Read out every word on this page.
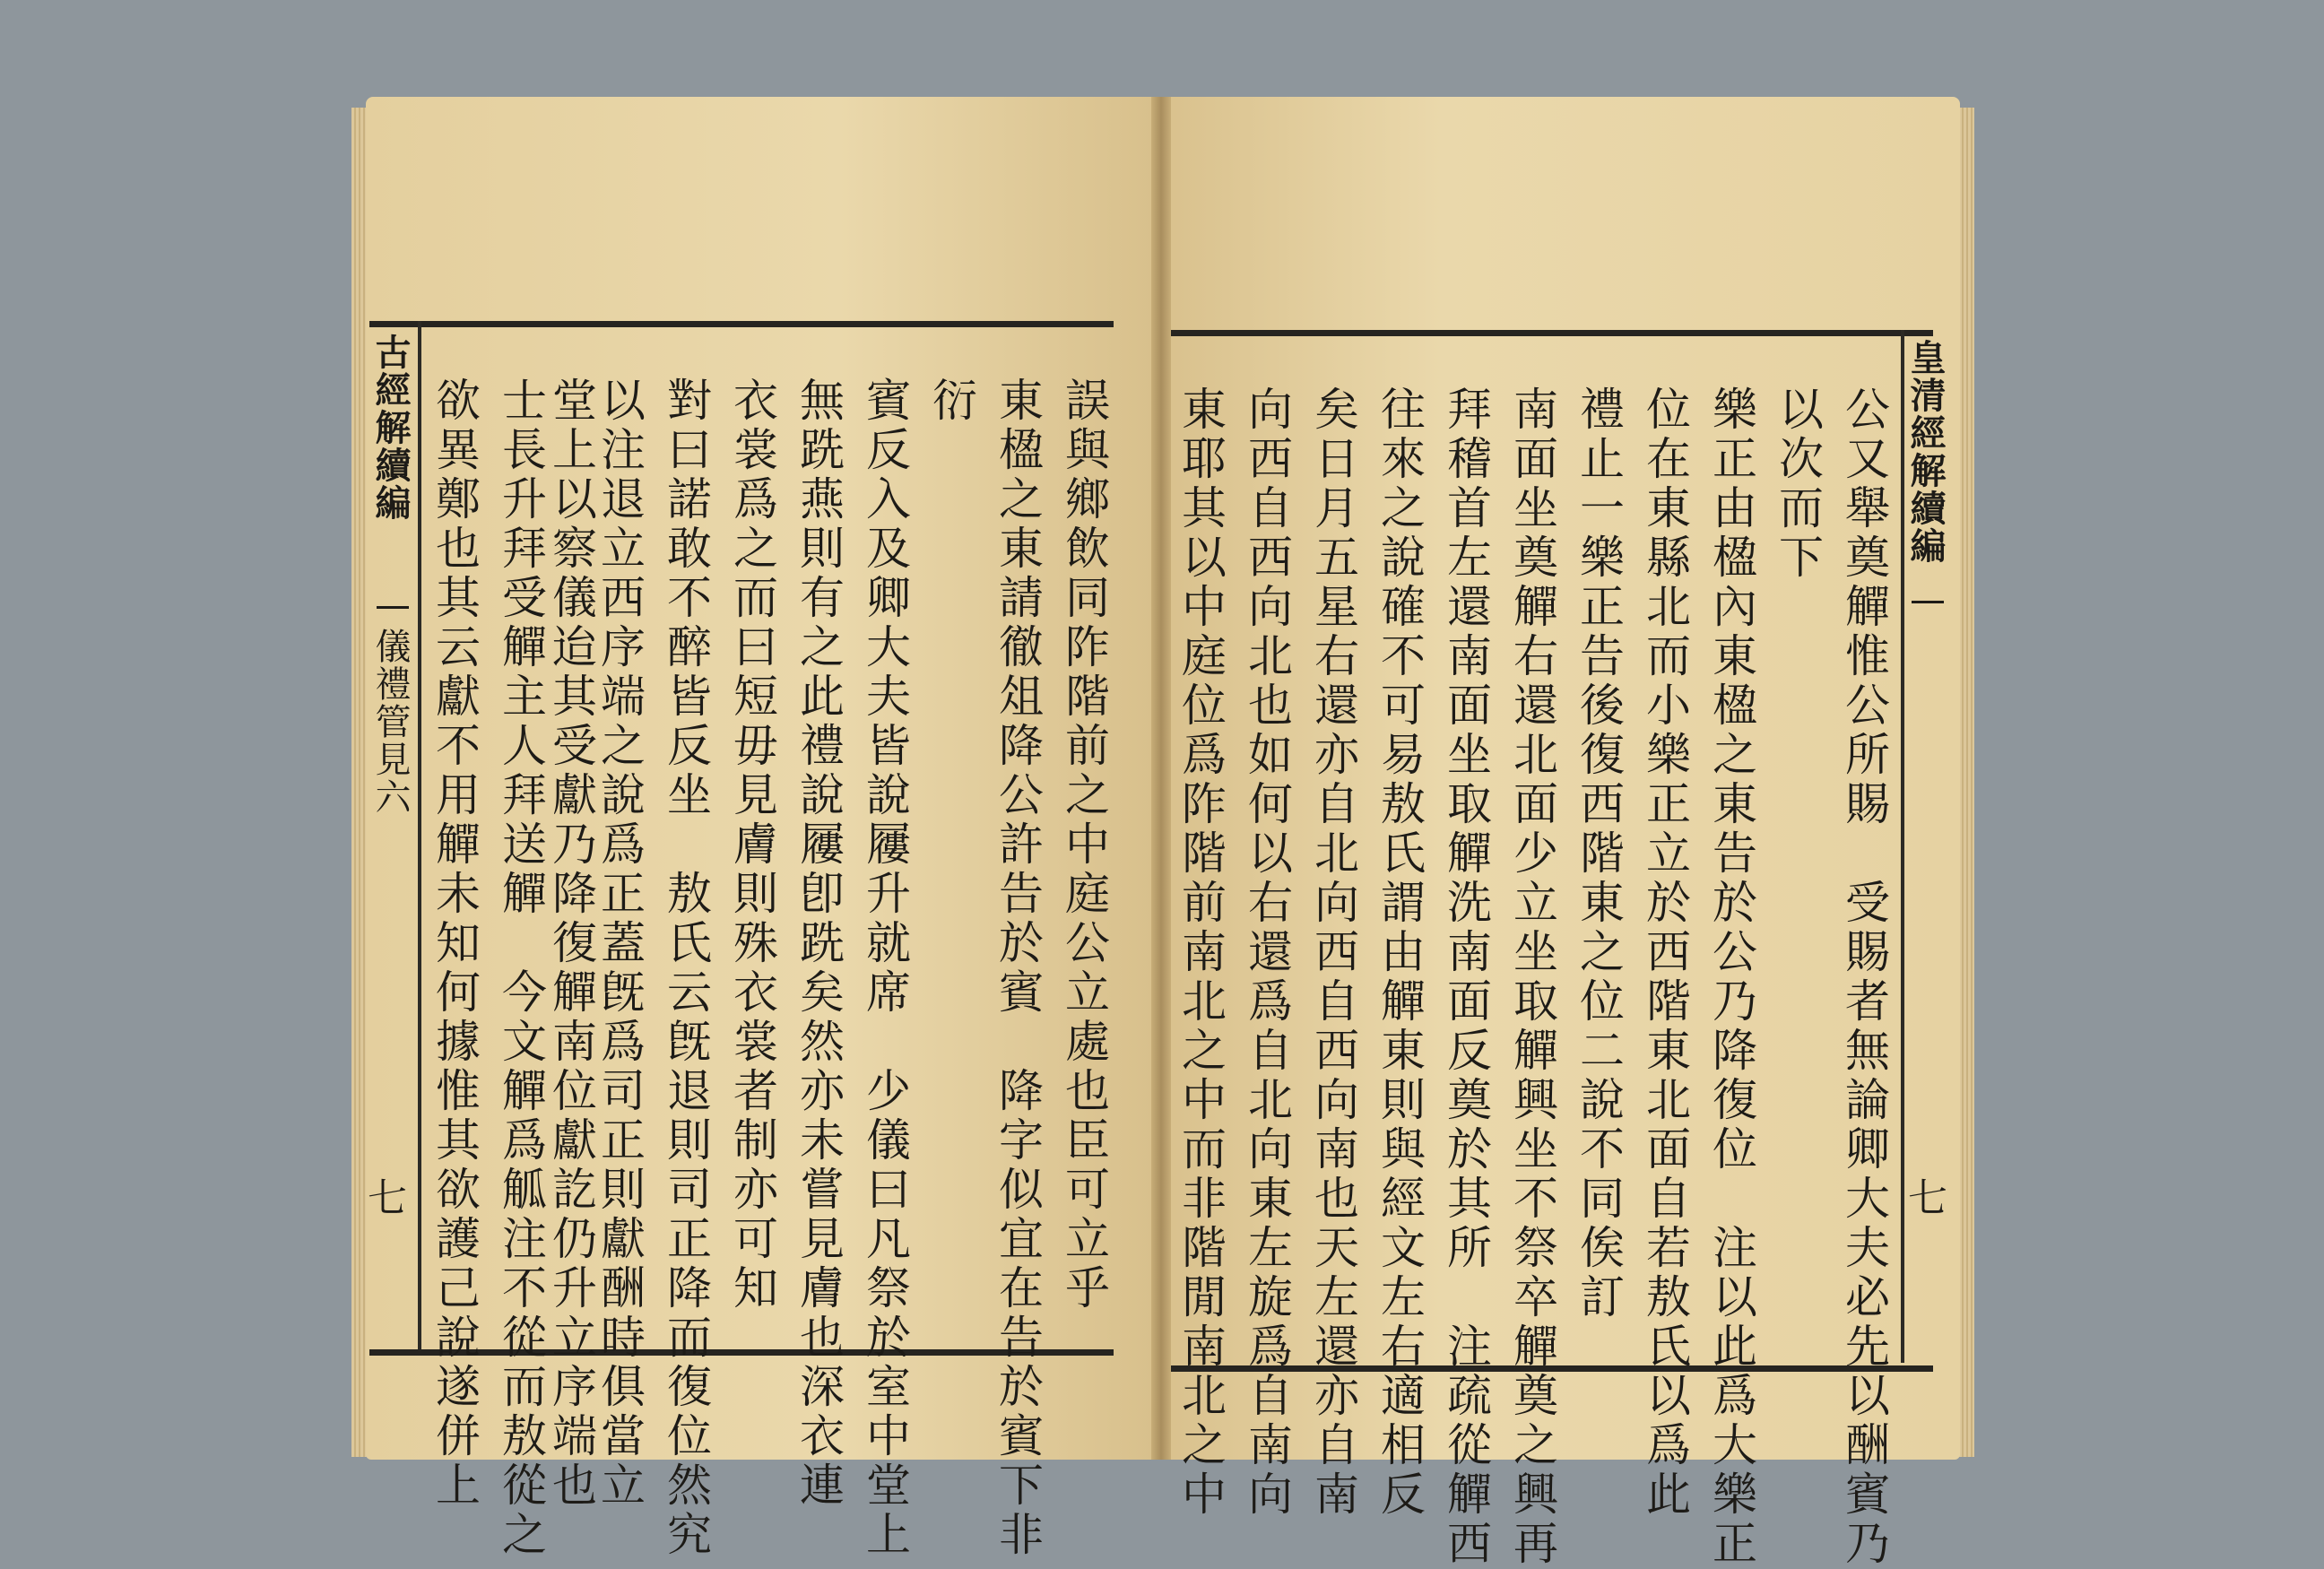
古經解續編
儀禮管見六
七	誤與鄉飲同阼階前之中庭公立處也臣可立乎
東楹之東請徹俎降公許告於賓　降字似宜在告於賓下非
衍
賓反入及卿大夫皆說屨升就席　少儀曰凡祭於室中堂上
無跣燕則有之此禮說屨卽跣矣然亦未嘗見膚也深衣連
衣裳爲之而曰短毋見膚則殊衣裳者制亦可知
對曰諾敢不醉皆反坐　敖氏云旣退則司正降而復位然究
以注退立西序端之說爲正蓋旣爲司正則獻酬時俱當立
堂上以察儀迨其受獻乃降復觶南位獻訖仍升立序端也
士長升拜受觶主人拜送觶　今文觶爲觚注不從而敖從之
欲異鄭也其云獻不用觶未知何據惟其欲護己說遂併上	皇清經解續編
七
公又舉奠觶惟公所賜　受賜者無論卿大夫必先以酬賓乃
以次而下
樂正由楹內東楹之東告於公乃降復位　注以此爲大樂正
位在東縣北而小樂正立於西階東北面自若敖氏以爲此
禮止一樂正告後復西階東之位二說不同俟訂
南面坐奠觶右還北面少立坐取觶興坐不祭卒觶奠之興再
拜稽首左還南面坐取觶洗南面反奠於其所　注疏從觶西
往來之說確不可易敖氏謂由觶東則與經文左右適相反
矣日月五星右還亦自北向西自西向南也天左還亦自南
向西自西向北也如何以右還爲自北向東左旋爲自南向
東耶其以中庭位爲阼階前南北之中而非階閒南北之中
